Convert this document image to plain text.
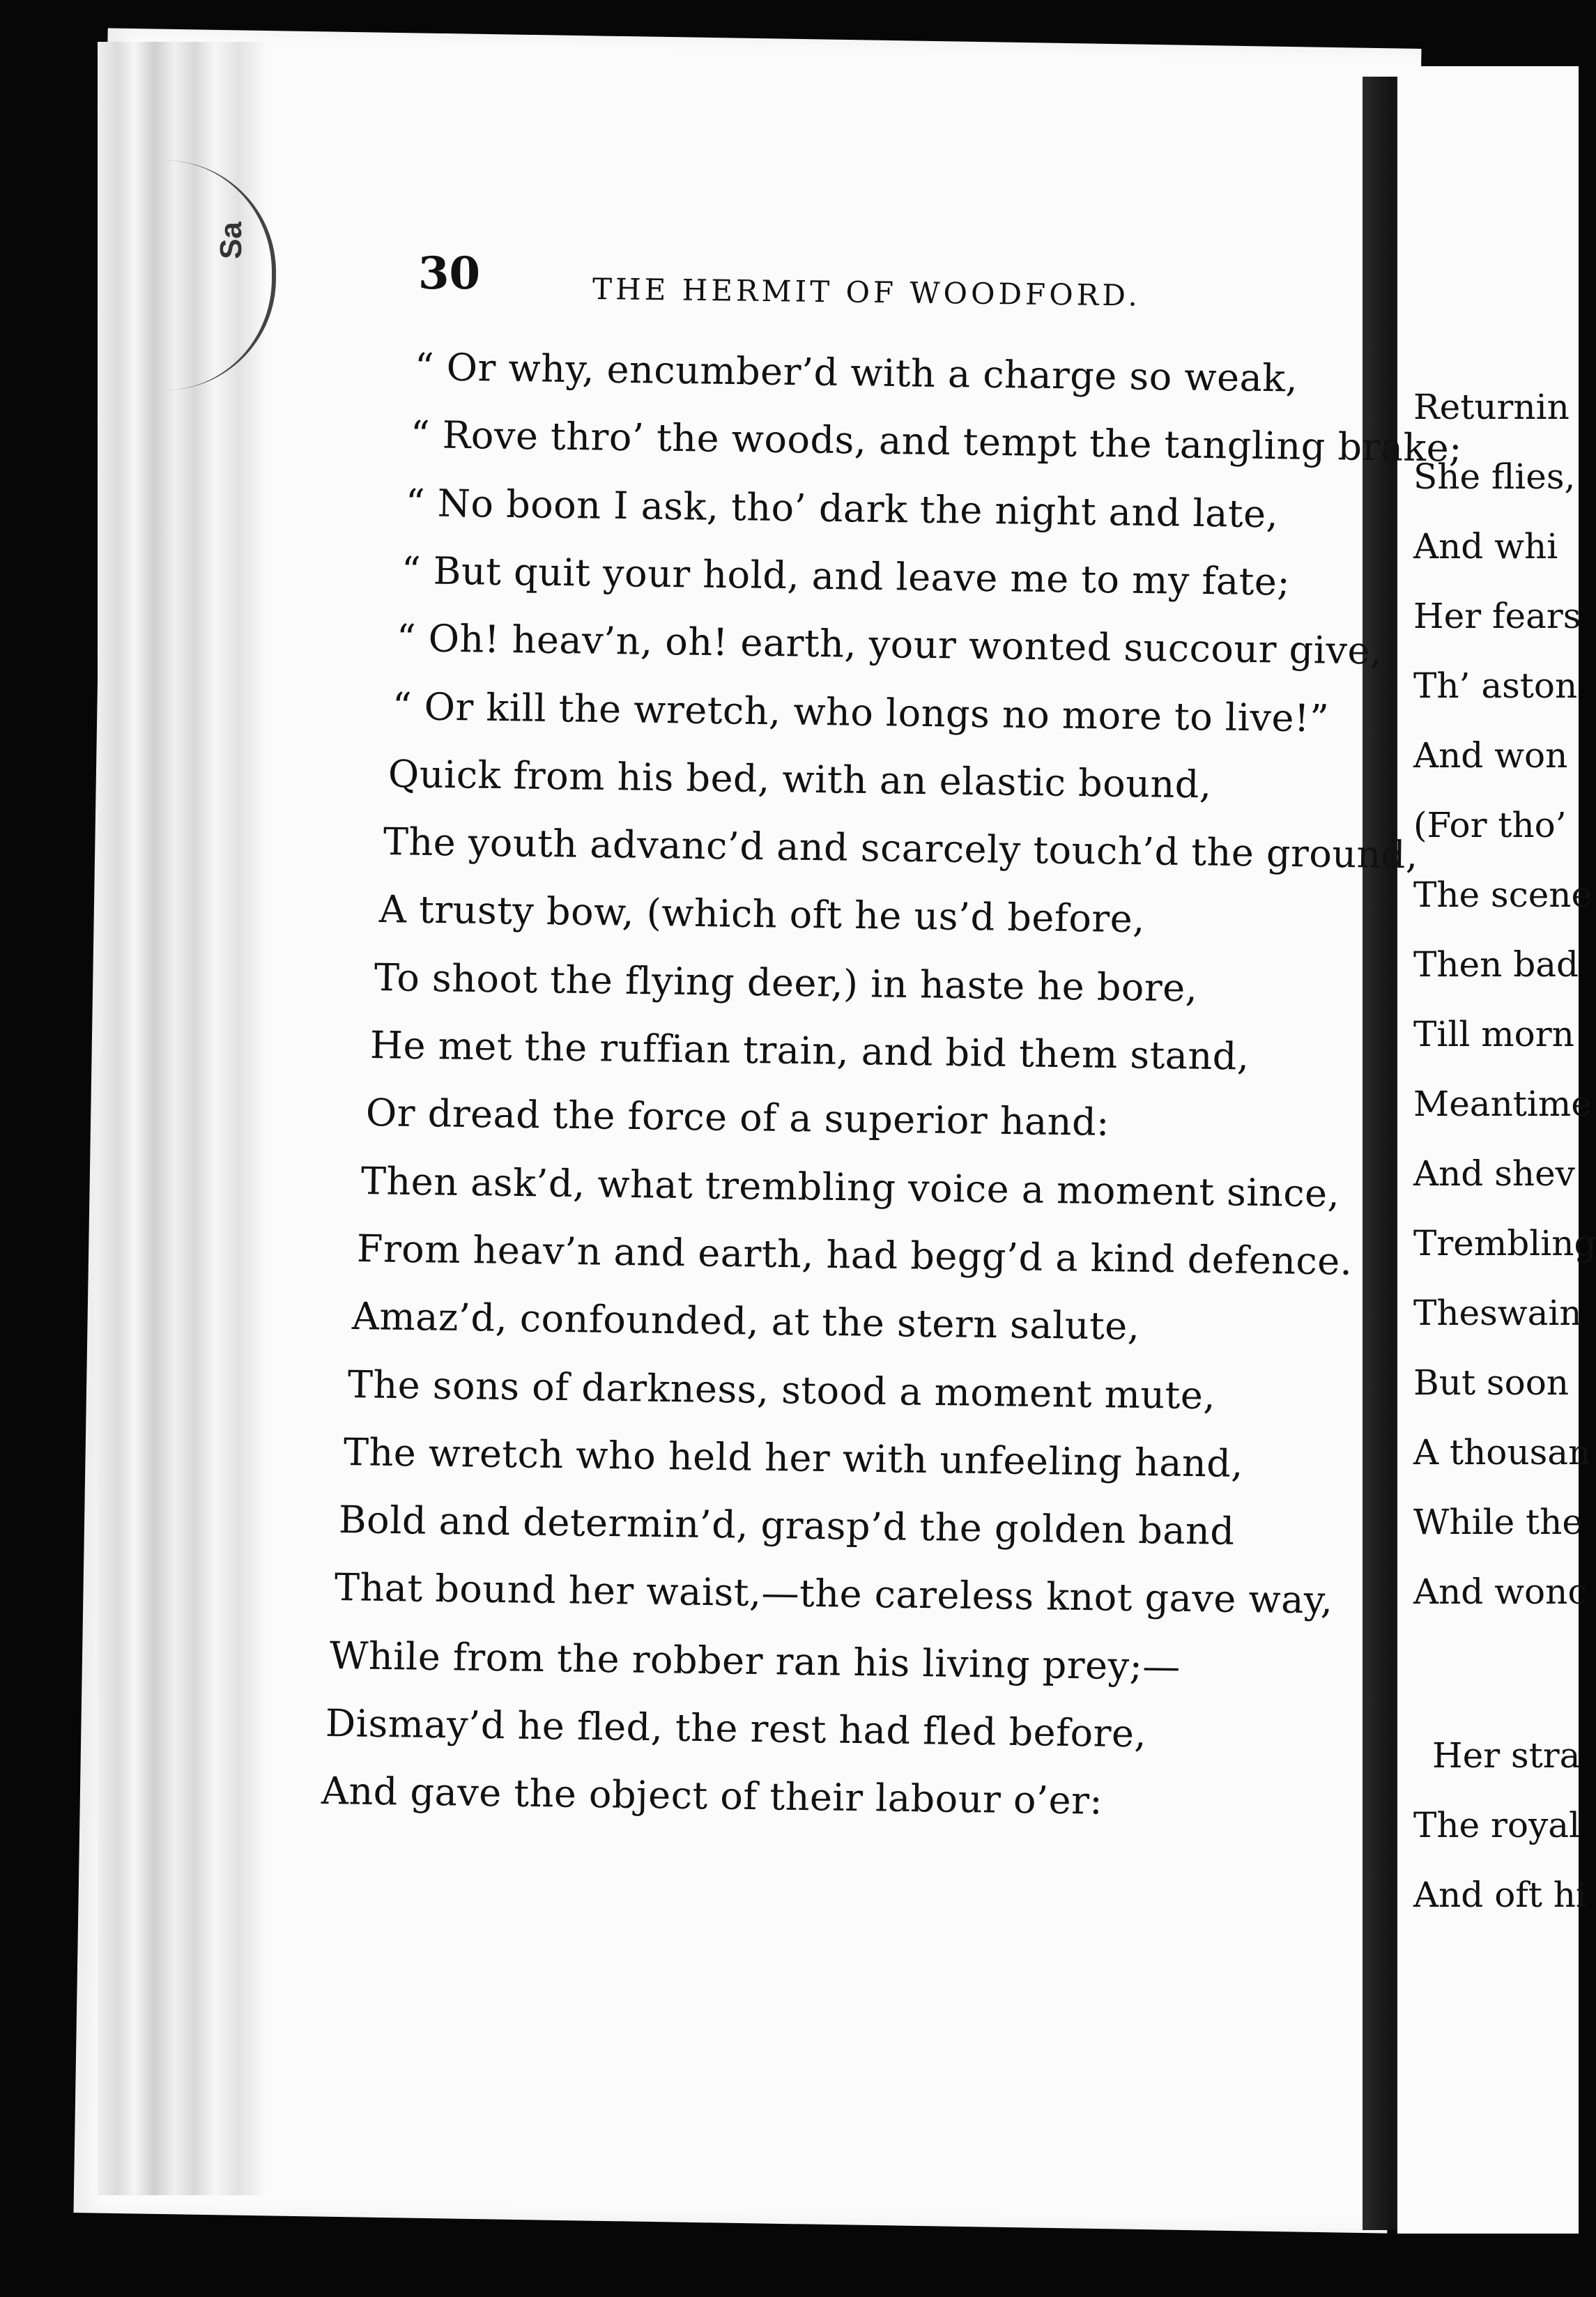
Sa
30	THE HERMIT OF WOODFORD.
“ Or why, encumber’d with a charge so weak,
“ Rove thro’ the woods, and tempt the tangling brake;
“ No boon I ask, tho’ dark the night and late,
“ But quit your hold, and leave me to my fate;
“ Oh! heav’n, oh! earth, your wonted succour give,
“ Or kill the wretch, who longs no more to live!”
Quick from his bed, with an elastic bound,
The youth advanc’d and scarcely touch’d the ground,
A trusty bow, (which oft he us’d before,
To shoot the flying deer,) in haste he bore,
He met the ruffian train, and bid them stand,
Or dread the force of a superior hand:
Then ask’d, what trembling voice a moment since,
From heav’n and earth, had begg’d a kind defence.
Amaz’d, confounded, at the stern salute,
The sons of darkness, stood a moment mute,
The wretch who held her with unfeeling hand,
Bold and determin’d, grasp’d the golden band
That bound her waist,—the careless knot gave way,
While from the robber ran his living prey;—
Dismay’d he fled, the rest had fled before,
And gave the object of their labour o’er:
Returnin
She flies,
And whi
Her fears
Th’ aston
And won
(For tho’
The scene
Then bad
Till morn
Meantime
And shev
Trembling
Theswain
But soon
A thousan
While the
And wonc
Her stra
The royal
And oft hi
